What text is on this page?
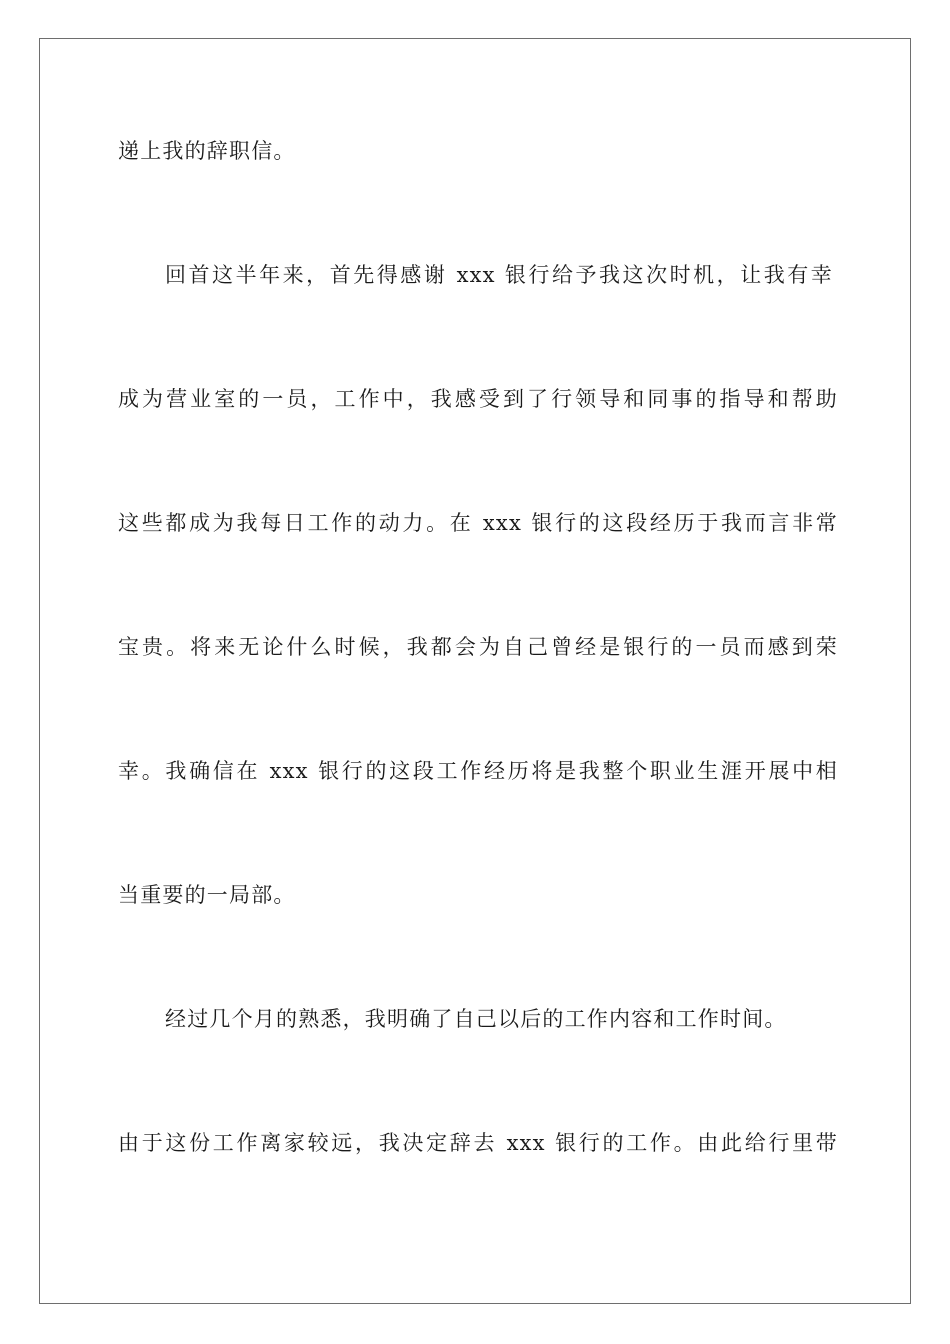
递上我的辞职信。
回首这半年来，首先得感谢 xxx 银行给予我这次时机，让我有幸
成为营业室的一员，工作中，我感受到了行领导和同事的指导和帮助
这些都成为我每日工作的动力。在 xxx 银行的这段经历于我而言非常
宝贵。将来无论什么时候，我都会为自己曾经是银行的一员而感到荣
幸。我确信在 xxx 银行的这段工作经历将是我整个职业生涯开展中相
当重要的一局部。
经过几个月的熟悉，我明确了自己以后的工作内容和工作时间。
由于这份工作离家较远，我决定辞去 xxx 银行的工作。由此给行里带
